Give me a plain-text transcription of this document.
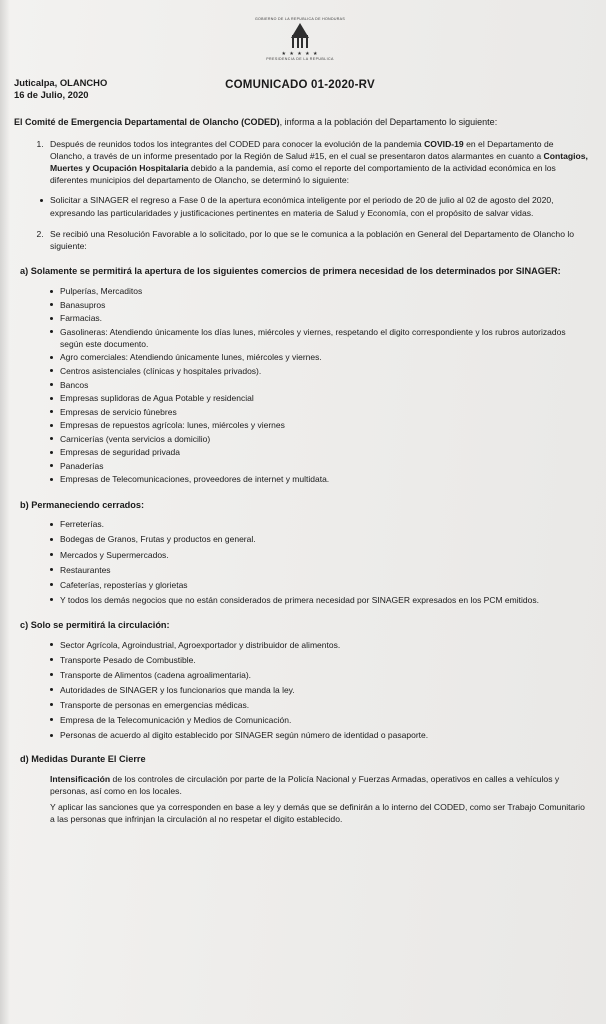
GOBIERNO DE LA REPUBLICA DE HONDURAS
★ ★ ★ ★ ★
PRESIDENCIA DE LA REPUBLICA
COMUNICADO 01-2020-RV
Juticalpa, OLANCHO
16 de Julio, 2020
El Comité de Emergencia Departamental de Olancho (CODED), informa a la población del Departamento lo siguiente:
1. Después de reunidos todos los integrantes del CODED para conocer la evolución de la pandemia COVID-19 en el Departamento de Olancho, a través de un informe presentado por la Región de Salud #15, en el cual se presentaron datos alarmantes en cuanto a Contagios, Muertes y Ocupación Hospitalaria debido a la pandemia, así como el reporte del comportamiento de la actividad económica en los diferentes municipios del departamento de Olancho, se determinó lo siguiente:
Solicitar a SINAGER el regreso a Fase 0 de la apertura económica inteligente por el periodo de 20 de julio al 02 de agosto del 2020, expresando las particularidades y justificaciones pertinentes en materia de Salud y Economía, con el propósito de salvar vidas.
2. Se recibió una Resolución Favorable a lo solicitado, por lo que se le comunica a la población en General del Departamento de Olancho lo siguiente:
a) Solamente se permitirá la apertura de los siguientes comercios de primera necesidad de los determinados por SINAGER:
Pulperías, Mercaditos
Banasupros
Farmacias.
Gasolineras: Atendiendo únicamente los días lunes, miércoles y viernes, respetando el digito correspondiente y los rubros autorizados según este documento.
Agro comerciales: Atendiendo únicamente lunes, miércoles y viernes.
Centros asistenciales (clínicas y hospitales privados).
Bancos
Empresas suplidoras de Agua Potable y residencial
Empresas de servicio fúnebres
Empresas de repuestos agrícola: lunes, miércoles y viernes
Carnicerías (venta servicios a domicilio)
Empresas de seguridad privada
Panaderías
Empresas de Telecomunicaciones, proveedores de internet y multidata.
b) Permaneciendo cerrados:
Ferreterías.
Bodegas de Granos, Frutas y productos en general.
Mercados y Supermercados.
Restaurantes
Cafeterías, reposterías y glorietas
Y todos los demás negocios que no están considerados de primera necesidad por SINAGER expresados en los PCM emitidos.
c) Solo se permitirá la circulación:
Sector Agrícola, Agroindustrial, Agroexportador y distribuidor de alimentos.
Transporte Pesado de Combustible.
Transporte de Alimentos (cadena agroalimentaria).
Autoridades de SINAGER y los funcionarios que manda la ley.
Transporte de personas en emergencias médicas.
Empresa de la Telecomunicación y Medios de Comunicación.
Personas de acuerdo al digito establecido por SINAGER según número de identidad o pasaporte.
d) Medidas Durante El Cierre

Intensificación de los controles de circulación por parte de la Policía Nacional y Fuerzas Armadas, operativos en calles a vehículos y personas, así como en los locales.

Y aplicar las sanciones que ya corresponden en base a ley y demás que se definirán a lo interno del CODED, como ser Trabajo Comunitario a las personas que infrinjan la circulación al no respetar el digito establecido.
